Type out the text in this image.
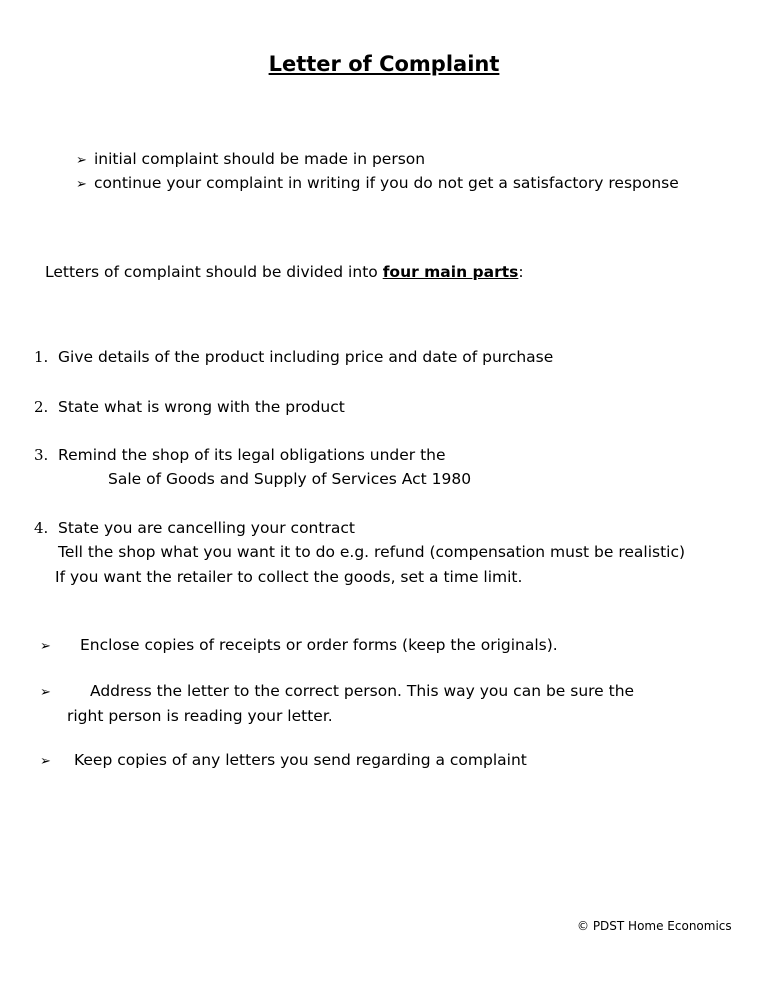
Letter of Complaint
➢ initial complaint should be made in person
➢ continue your complaint in writing if you do not get a satisfactory response
Letters of complaint should be divided into four main parts:
1. Give details of the product including price and date of purchase
2. State what is wrong with the product
3. Remind the shop of its legal obligations under the
Sale of Goods and Supply of Services Act 1980
4. State you are cancelling your contract
Tell the shop what you want it to do e.g. refund (compensation must be realistic)
If you want the retailer to collect the goods, set a time limit.
➢ Enclose copies of receipts or order forms (keep the originals).
➢	Address the letter to the correct person. This way you can be sure the
right person is reading your letter.
➢ Keep copies of any letters you send regarding a complaint
© PDST Home Economics
